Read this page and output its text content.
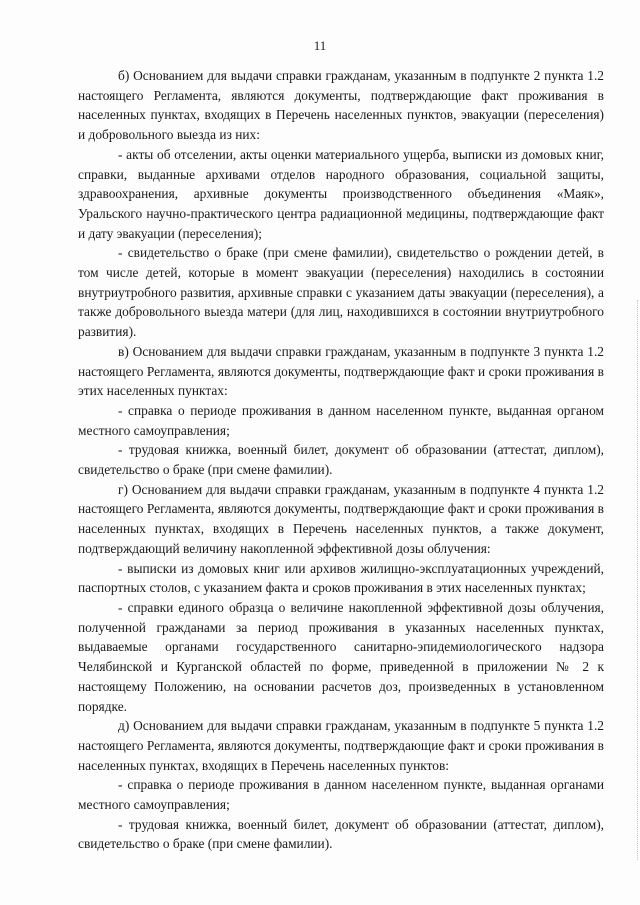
11

б) Основанием для выдачи справки гражданам, указанным в подпункте 2 пункта 1.2 настоящего Регламента, являются документы, подтверждающие факт проживания в населенных пунктах, входящих в Перечень населенных пунктов, эвакуации (переселения) и добровольного выезда из них:

- акты об отселении, акты оценки материального ущерба, выписки из домовых книг, справки, выданные архивами отделов народного образования, социальной защиты, здравоохранения, архивные документы производственного объединения «Маяк», Уральского научно-практического центра радиационной медицины, подтверждающие факт и дату эвакуации (переселения);

- свидетельство о браке (при смене фамилии), свидетельство о рождении детей, в том числе детей, которые в момент эвакуации (переселения) находились в состоянии внутриутробного развития, архивные справки с указанием даты эвакуации (переселения), а также добровольного выезда матери (для лиц, находившихся в состоянии внутриутробного развития).

в) Основанием для выдачи справки гражданам, указанным в подпункте 3 пункта 1.2 настоящего Регламента, являются документы, подтверждающие факт и сроки проживания в этих населенных пунктах:

- справка о периоде проживания в данном населенном пункте, выданная органом местного самоуправления;

- трудовая книжка, военный билет, документ об образовании (аттестат, диплом), свидетельство о браке (при смене фамилии).

г) Основанием для выдачи справки гражданам, указанным в подпункте 4 пункта 1.2 настоящего Регламента, являются документы, подтверждающие факт и сроки проживания в населенных пунктах, входящих в Перечень населенных пунктов, а также документ, подтверждающий величину накопленной эффективной дозы облучения:

- выписки из домовых книг или архивов жилищно-эксплуатационных учреждений, паспортных столов, с указанием факта и сроков проживания в этих населенных пунктах;

- справки единого образца о величине накопленной эффективной дозы облучения, полученной гражданами за период проживания в указанных населенных пунктах, выдаваемые органами государственного санитарно-эпидемиологического надзора Челябинской и Курганской областей по форме, приведенной в приложении № 2 к настоящему Положению, на основании расчетов доз, произведенных в установленном порядке.

д) Основанием для выдачи справки гражданам, указанным в подпункте 5 пункта 1.2 настоящего Регламента, являются документы, подтверждающие факт и сроки проживания в населенных пунктах, входящих в Перечень населенных пунктов:

- справка о периоде проживания в данном населенном пункте, выданная органами местного самоуправления;

- трудовая книжка, военный билет, документ об образовании (аттестат, диплом), свидетельство о браке (при смене фамилии).
